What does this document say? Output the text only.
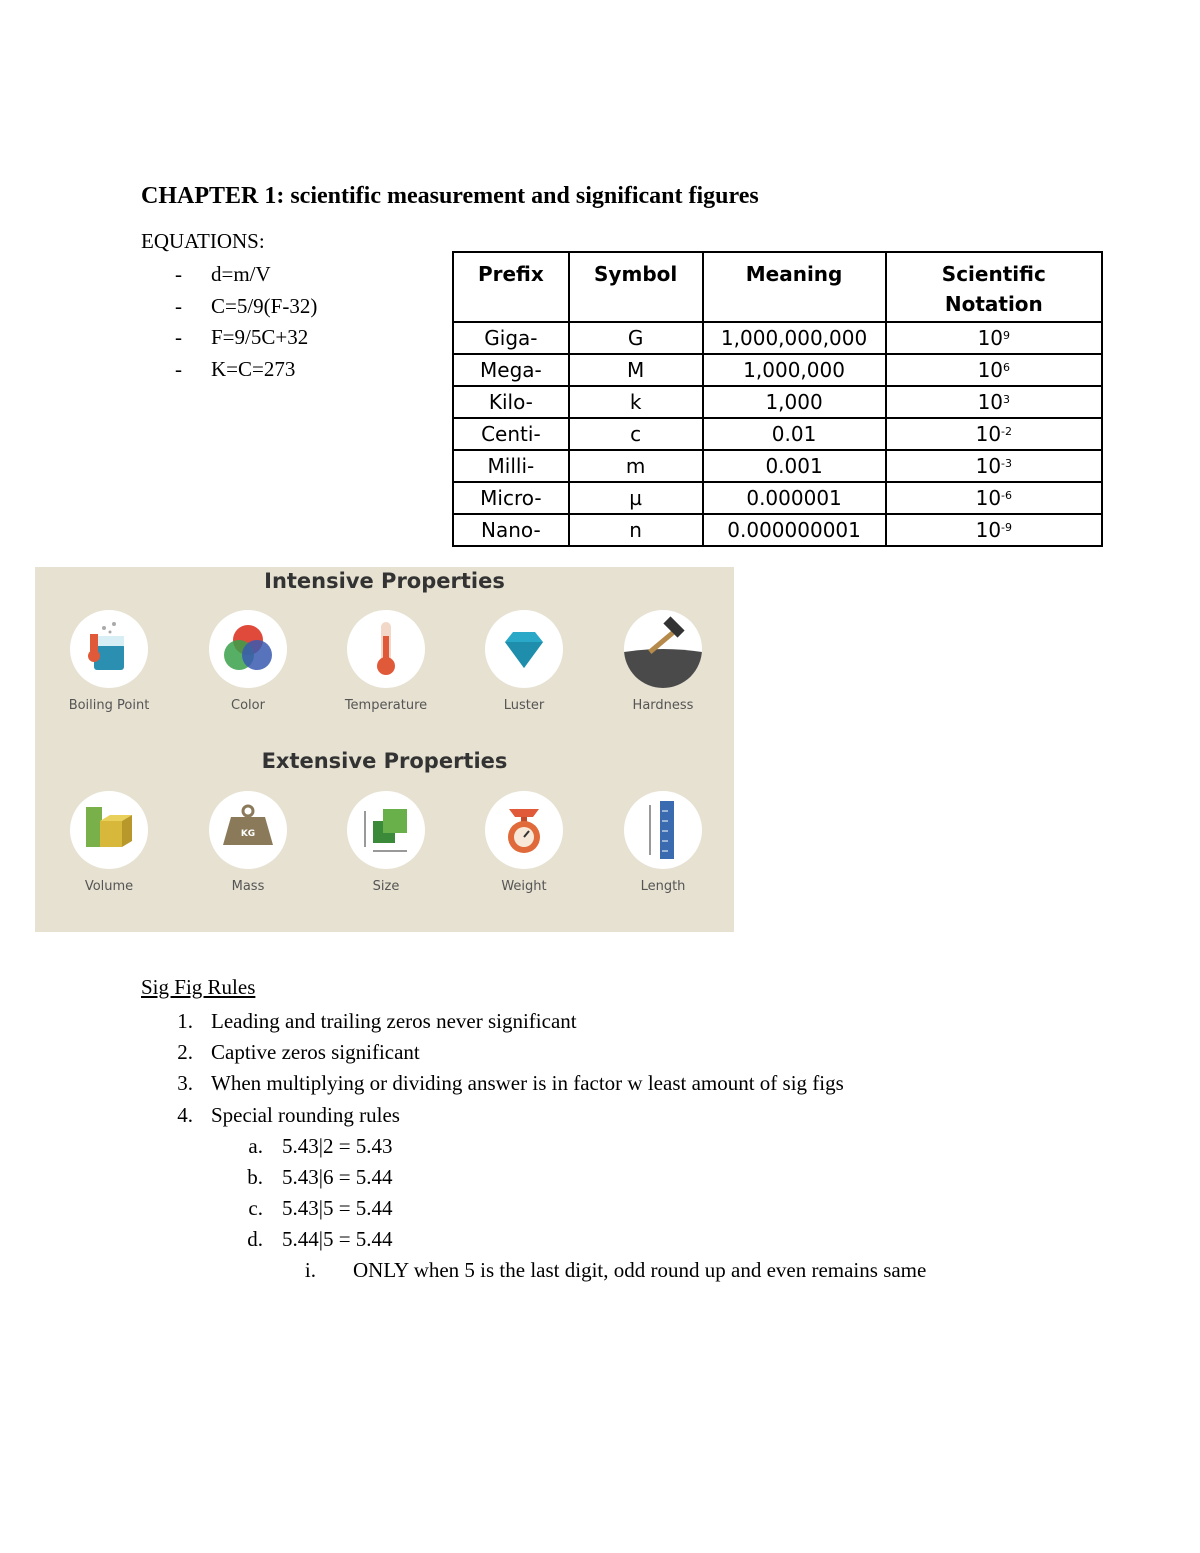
CHAPTER 1: scientific measurement and significant figures
EQUATIONS:
- d=m/V
- C=5/9(F-32)
- F=9/5C+32
- K=C=273
Prefix	Symbol	Meaning	Scientific Notation
Giga-	G	1,000,000,000	$10^9$
Mega-	M	1,000,000	$10^6$
Kilo-	k	1,000	$10^3$
Centi-	c	0.01	$10^{-2}$
Milli-	m	0.001	$10^{-3}$
Micro-	µ	0.000001	$10^{-6}$
Nano-	n	0.000000001	$10^{-9}$
Intensive Properties
Boiling Point	Color	Temperature	Luster	Hardness
Extensive Properties
Volume
KG
Mass	Size	Weight	Length
Sig Fig Rules
1. Leading and trailing zeros never significant
2. Captive zeros significant
3. When multiplying or dividing answer is in factor w least amount of sig figs
4. Special rounding rules
a. 5.43|2 = 5.43
b. 5.43|6 = 5.44
c. 5.43|5 = 5.44
d. 5.44|5 = 5.44
i. ONLY when 5 is the last digit, odd round up and even remains same
